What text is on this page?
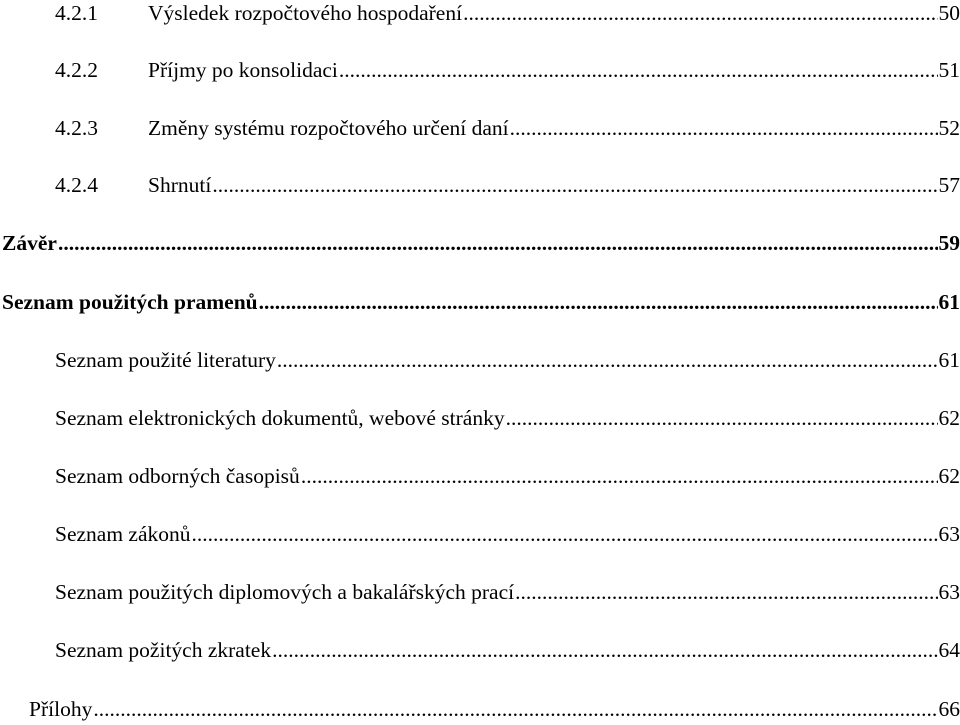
4.2.1	Výsledek rozpočtového hospodaření .....	50
4.2.2	Příjmy po konsolidaci .....	51
4.2.3	Změny systému rozpočtového určení daní .....	52
4.2.4	Shrnutí .....	57
Závěr .....	59
Seznam použitých pramenů .....	61
Seznam použité literatury .....	61
Seznam elektronických dokumentů, webové stránky .....	62
Seznam odborných časopisů .....	62
Seznam zákonů .....	63
Seznam použitých diplomových a bakalářských prací .....	63
Seznam požitých zkratek .....	64
Přílohy .....	66
